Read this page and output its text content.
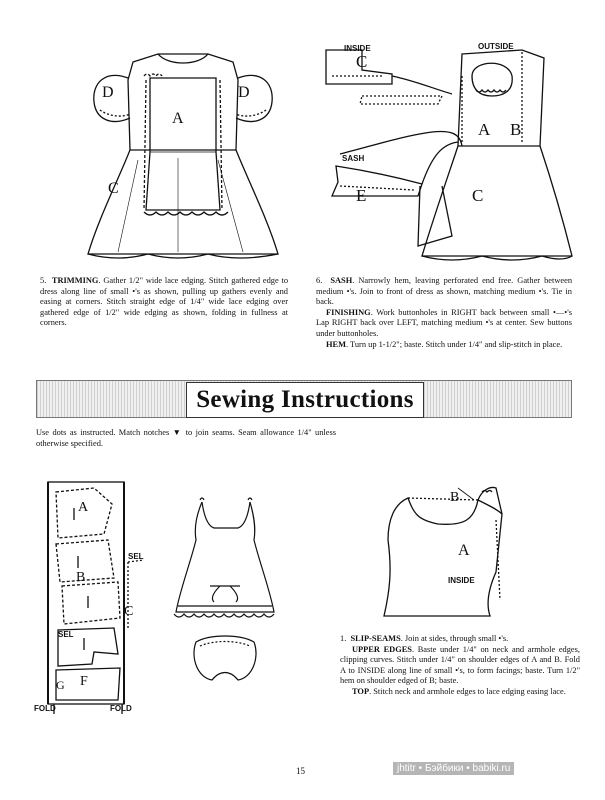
D
A
D
C
INSIDE	OUTSIDE
SASH
C
A B
E	C

5. TRIMMING. Gather 1/2" wide lace edging. Stitch gathered edge to dress along line of small •'s as shown, pulling up gathers evenly and easing at corners. Stitch straight edge of 1/4" wide lace edging over gathered edge of 1/2" wide edging as shown, folding in fullness at corners.

6. SASH. Narrowly hem, leaving perforated end free. Gather between medium •'s. Join to front of dress as shown, matching medium •'s. Tie in back.

FINISHING. Work buttonholes in RIGHT back between small •—•'s Lap RIGHT back over LEFT, matching medium •'s at center. Sew buttons under buttonholes.

HEM. Turn up 1-1/2"; baste. Stitch under 1/4" and slip-stitch in place.

Sewing Instructions

Use dots as instructed. Match notches ▼ to join seams. Seam allowance 1/4" unless otherwise specified.

SEL
SEL
FOLD	FOLD
A
B
C
F
G
B
A
INSIDE

1. SLIP-SEAMS. Join at sides, through small •'s.

UPPER EDGES. Baste under 1/4" on neck and armhole edges, clipping curves. Stitch under 1/4" on shoulder edges of A and B. Fold A to INSIDE along line of small •'s, to form facings; baste. Turn 1/2" hem on shoulder edged of B; baste.

TOP. Stitch neck and armhole edges to lace edging easing lace.

15	jhtitr • Бэйбики • babiki.ru
